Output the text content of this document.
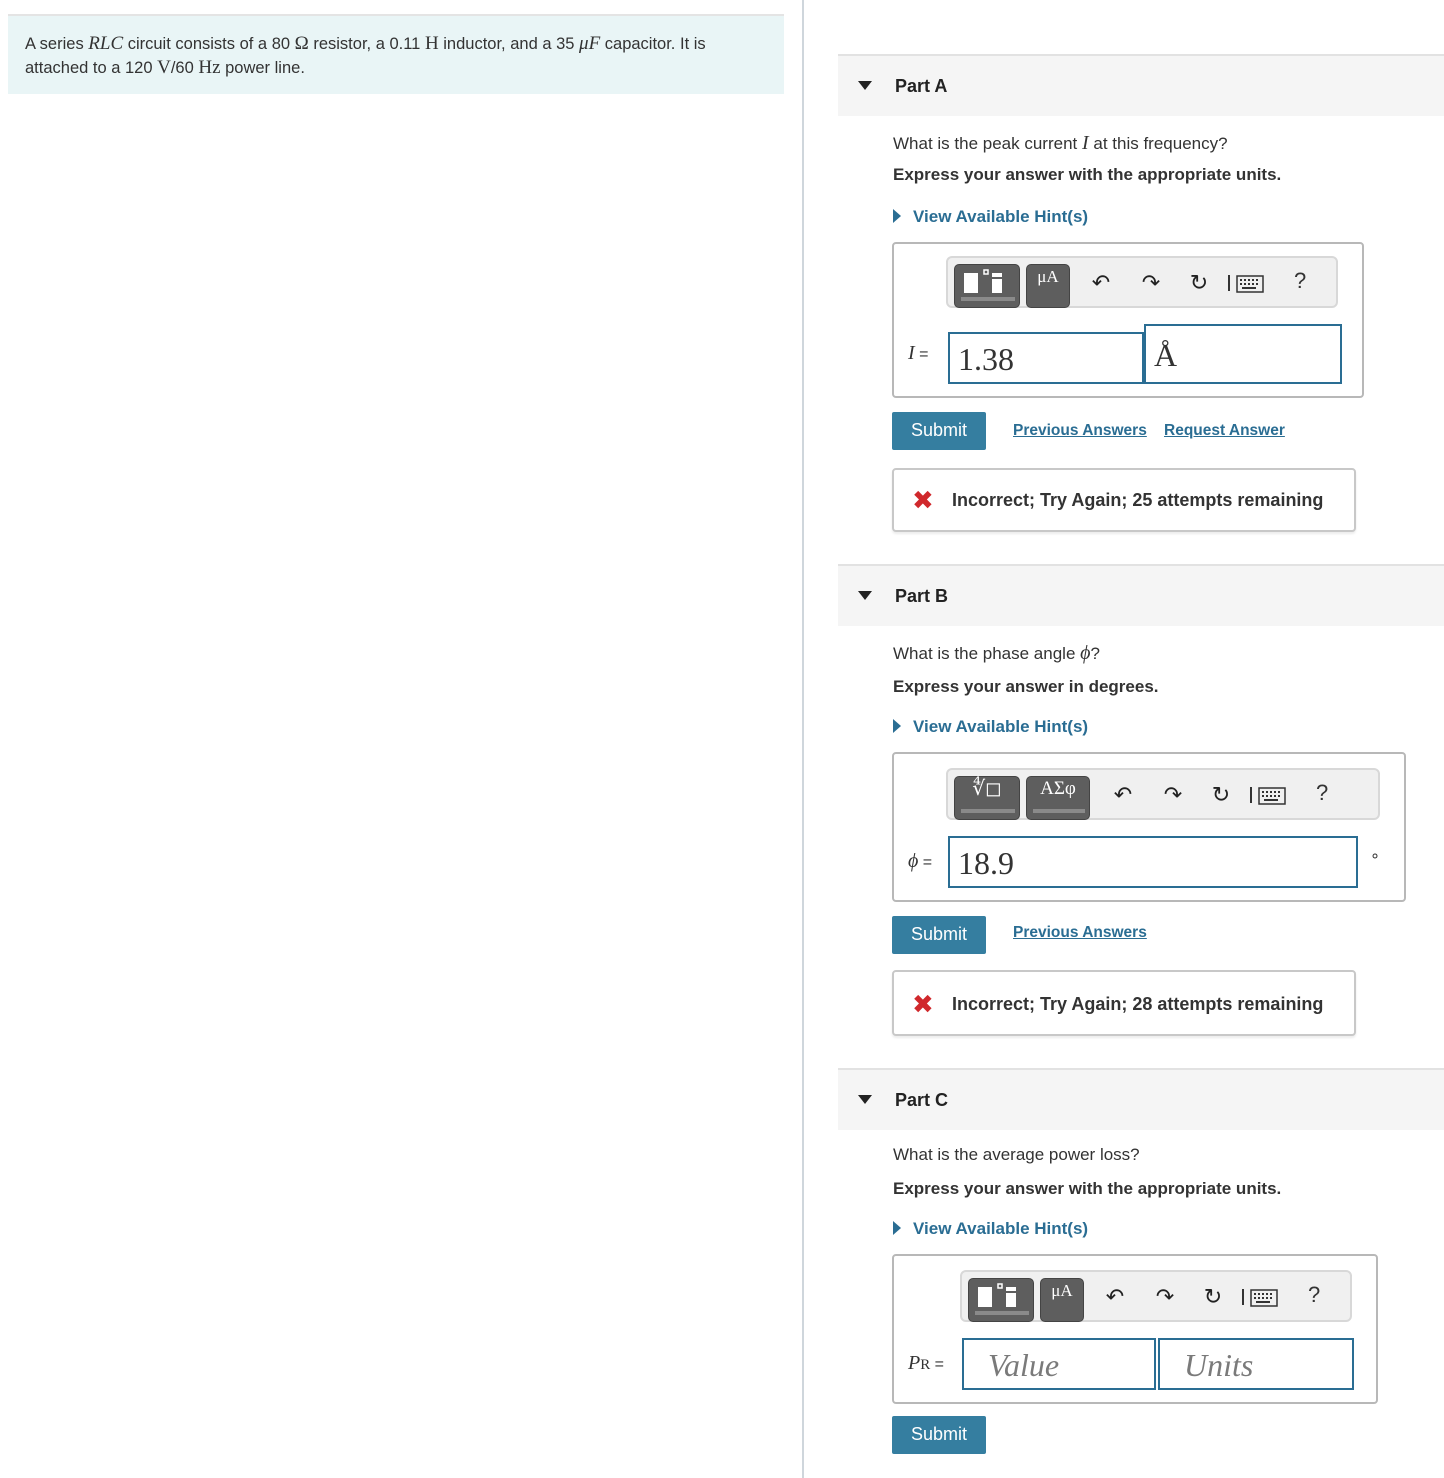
A series RLC circuit consists of a 80 Ω resistor, a 0.11 H inductor, and a 35 μF capacitor. It is
attached to a 120 V/60 Hz power line.
Part A
What is the peak current I at this frequency?
Express your answer with the appropriate units.
View Available Hint(s)
μA	↶ ↷ ↻	?
I = 1.38	Å
Submit	Previous Answers Request Answer
✖ Incorrect; Try Again; 25 attempts remaining
Part B
What is the phase angle ϕ?
Express your answer in degrees.
View Available Hint(s)
∜◻	ΑΣφ	↶ ↷ ↻	?
ϕ = 18.9	∘
Submit	Previous Answers
✖ Incorrect; Try Again; 28 attempts remaining
Part C
What is the average power loss?
Express your answer with the appropriate units.
View Available Hint(s)
μA	↶ ↷ ↻	?
PR =	Value	Units
Submit
